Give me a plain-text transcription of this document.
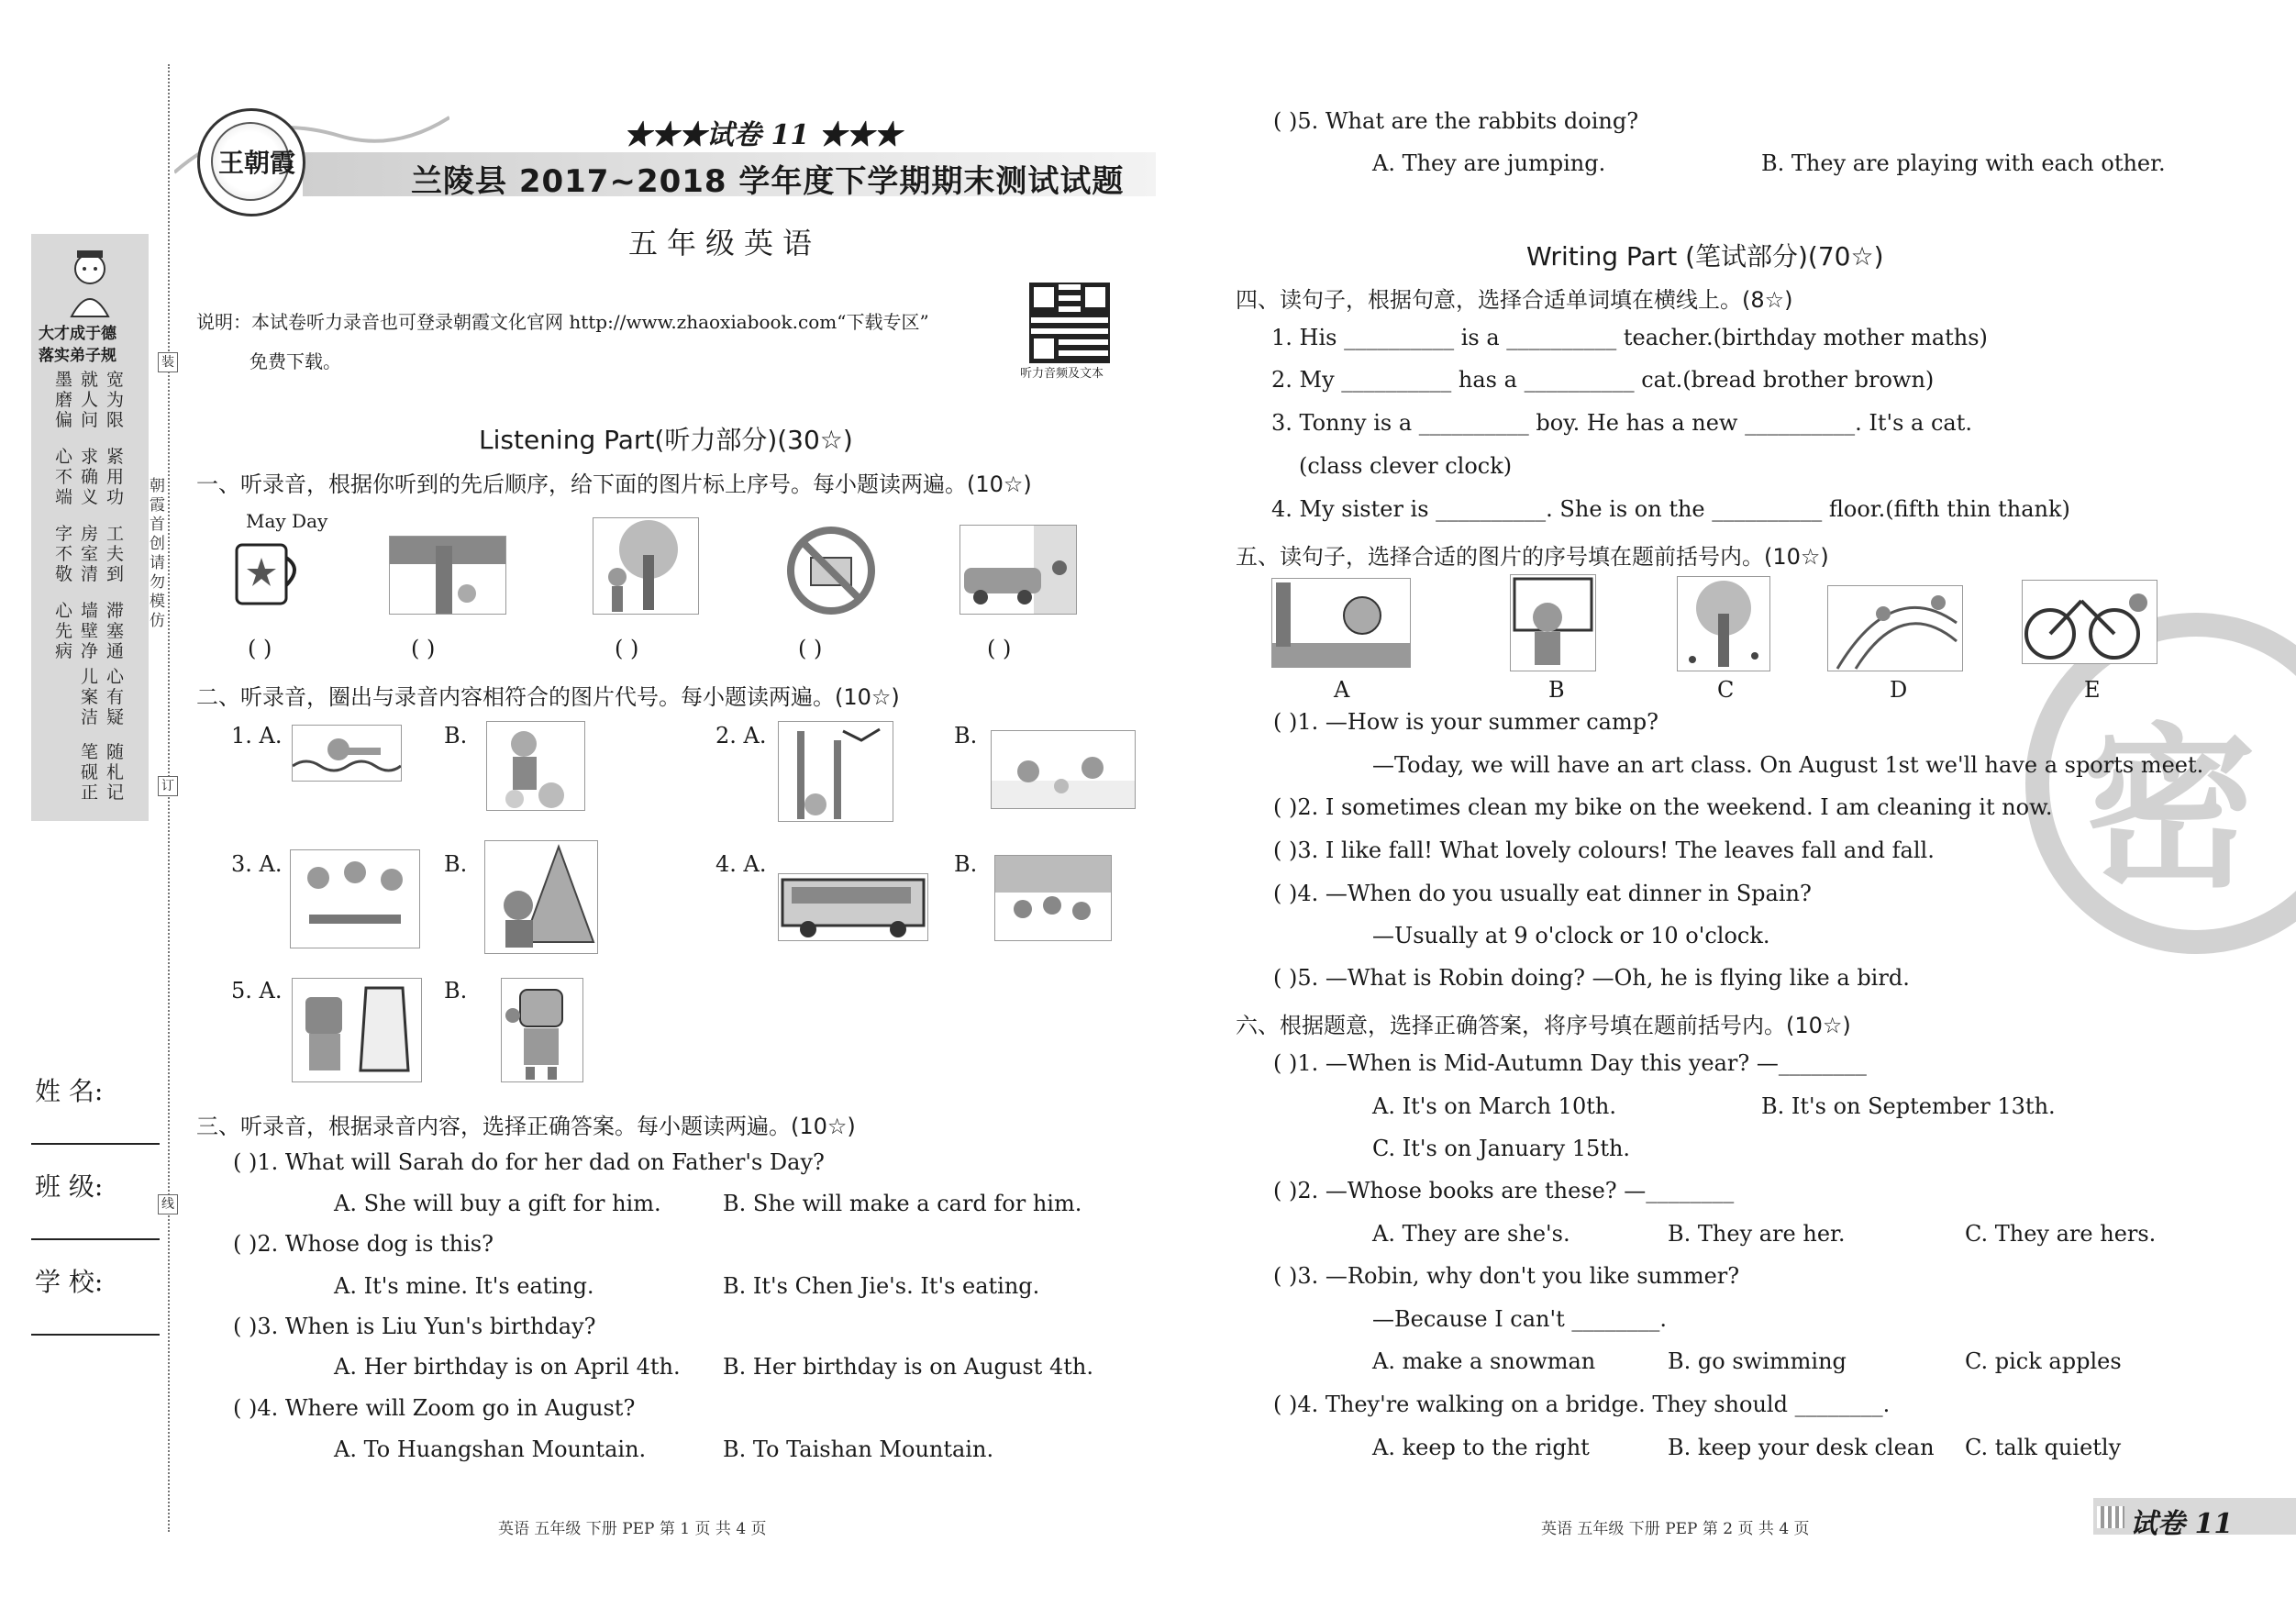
大才成于德
落实弟子规
墨磨偏
就人问
宽为限
心不端
求确义
紧用功
字不敬
房室清
工夫到
心先病
墙壁净
滞塞通
儿案洁
心有疑
笔砚正
随札记
装
订
线
朝霞首创 请勿模仿
姓 名:
班 级:
学 校:
王朝霞
★★★试卷 11 ★★★
兰陵县 2017~2018 学年度下学期期末测试试题
五年级英语
说明：本试卷听力录音也可登录朝霞文化官网 http://www.zhaoxiabook.com“下载专区”
免费下载。
听力音频及文本
Listening Part(听力部分)(30☆)
一、听录音，根据你听到的先后顺序，给下面的图片标上序号。每小题读两遍。(10☆)
May Day
( )	( )	( )	( )	( )
二、听录音，圈出与录音内容相符合的图片代号。每小题读两遍。(10☆)
1. A.	B.	2. A.	B.
3. A.	B.	4. A.	B.
5. A.	B.
三、听录音，根据录音内容，选择正确答案。每小题读两遍。(10☆)
( )1. What will Sarah do for her dad on Father's Day?
A. She will buy a gift for him.	B. She will make a card for him.
( )2. Whose dog is this?
A. It's mine. It's eating.	B. It's Chen Jie's. It's eating.
( )3. When is Liu Yun's birthday?
A. Her birthday is on April 4th. B. Her birthday is on August 4th.
( )4. Where will Zoom go in August?
A. To Huangshan Mountain.	B. To Taishan Mountain.
英语 五年级 下册 PEP 第 1 页 共 4 页
密
( )5. What are the rabbits doing?
A. They are jumping.	B. They are playing with each other.
Writing Part (笔试部分)(70☆)
四、读句子，根据句意，选择合适单词填在横线上。(8☆)
1. His __________ is a __________ teacher.(birthday mother maths)
2. My __________ has a __________ cat.(bread brother brown)
3. Tonny is a __________ boy. He has a new __________. It's a cat.
(class clever clock)
4. My sister is __________. She is on the __________ floor.(fifth thin thank)
五、读句子，选择合适的图片的序号填在题前括号内。(10☆)
A	B	C	D	E
( )1. —How is your summer camp?
—Today, we will have an art class. On August 1st we'll have a sports meet.
( )2. I sometimes clean my bike on the weekend. I am cleaning it now.
( )3. I like fall! What lovely colours! The leaves fall and fall.
( )4. —When do you usually eat dinner in Spain?
—Usually at 9 o'clock or 10 o'clock.
( )5. —What is Robin doing? —Oh, he is flying like a bird.
六、根据题意，选择正确答案，将序号填在题前括号内。(10☆)
( )1. —When is Mid-Autumn Day this year? —________
A. It's on March 10th.	B. It's on September 13th.
C. It's on January 15th.
( )2. —Whose books are these? —________
A. They are she's.	B. They are her.	C. They are hers.
( )3. —Robin, why don't you like summer?
—Because I can't ________.
A. make a snowman	B. go swimming	C. pick apples
( )4. They're walking on a bridge. They should ________.
A. keep to the right	B. keep your desk clean C. talk quietly
英语 五年级 下册 PEP 第 2 页 共 4 页	试卷 11
